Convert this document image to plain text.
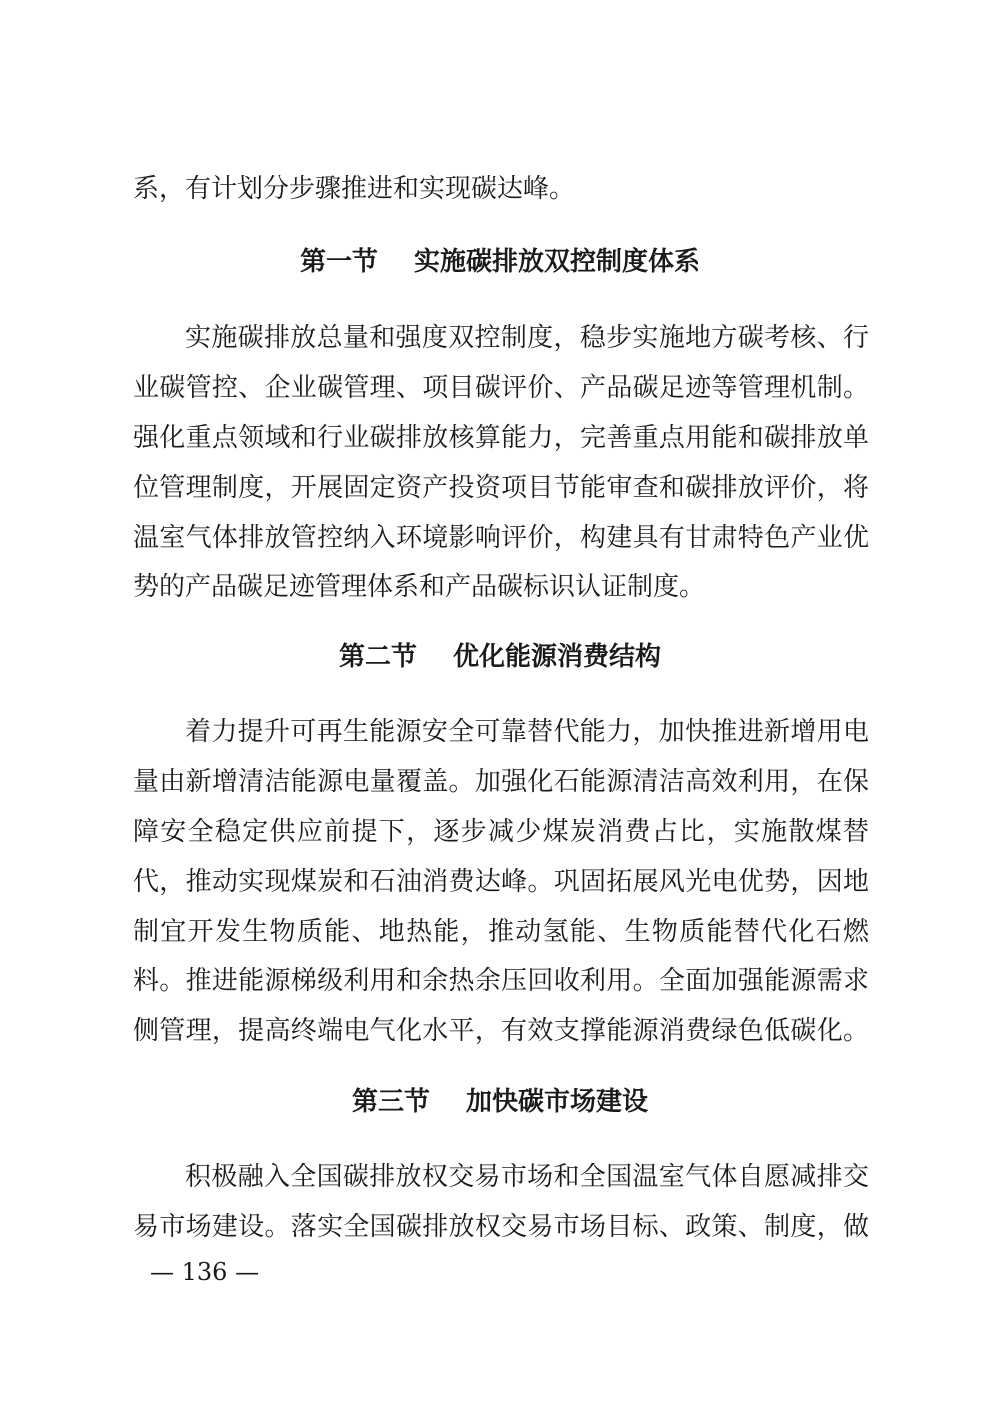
系，有计划分步骤推进和实现碳达峰。
第一节 实施碳排放双控制度体系
实施碳排放总量和强度双控制度，稳步实施地方碳考核、行
业碳管控、企业碳管理、项目碳评价、产品碳足迹等管理机制。
强化重点领域和行业碳排放核算能力，完善重点用能和碳排放单
位管理制度，开展固定资产投资项目节能审查和碳排放评价，将
温室气体排放管控纳入环境影响评价，构建具有甘肃特色产业优
势的产品碳足迹管理体系和产品碳标识认证制度。
第二节 优化能源消费结构
着力提升可再生能源安全可靠替代能力，加快推进新增用电
量由新增清洁能源电量覆盖。加强化石能源清洁高效利用，在保
障安全稳定供应前提下，逐步减少煤炭消费占比，实施散煤替
代，推动实现煤炭和石油消费达峰。巩固拓展风光电优势，因地
制宜开发生物质能、地热能，推动氢能、生物质能替代化石燃
料。推进能源梯级利用和余热余压回收利用。全面加强能源需求
侧管理，提高终端电气化水平，有效支撑能源消费绿色低碳化。
第三节 加快碳市场建设
积极融入全国碳排放权交易市场和全国温室气体自愿减排交
易市场建设。落实全国碳排放权交易市场目标、政策、制度，做
— 136 —
